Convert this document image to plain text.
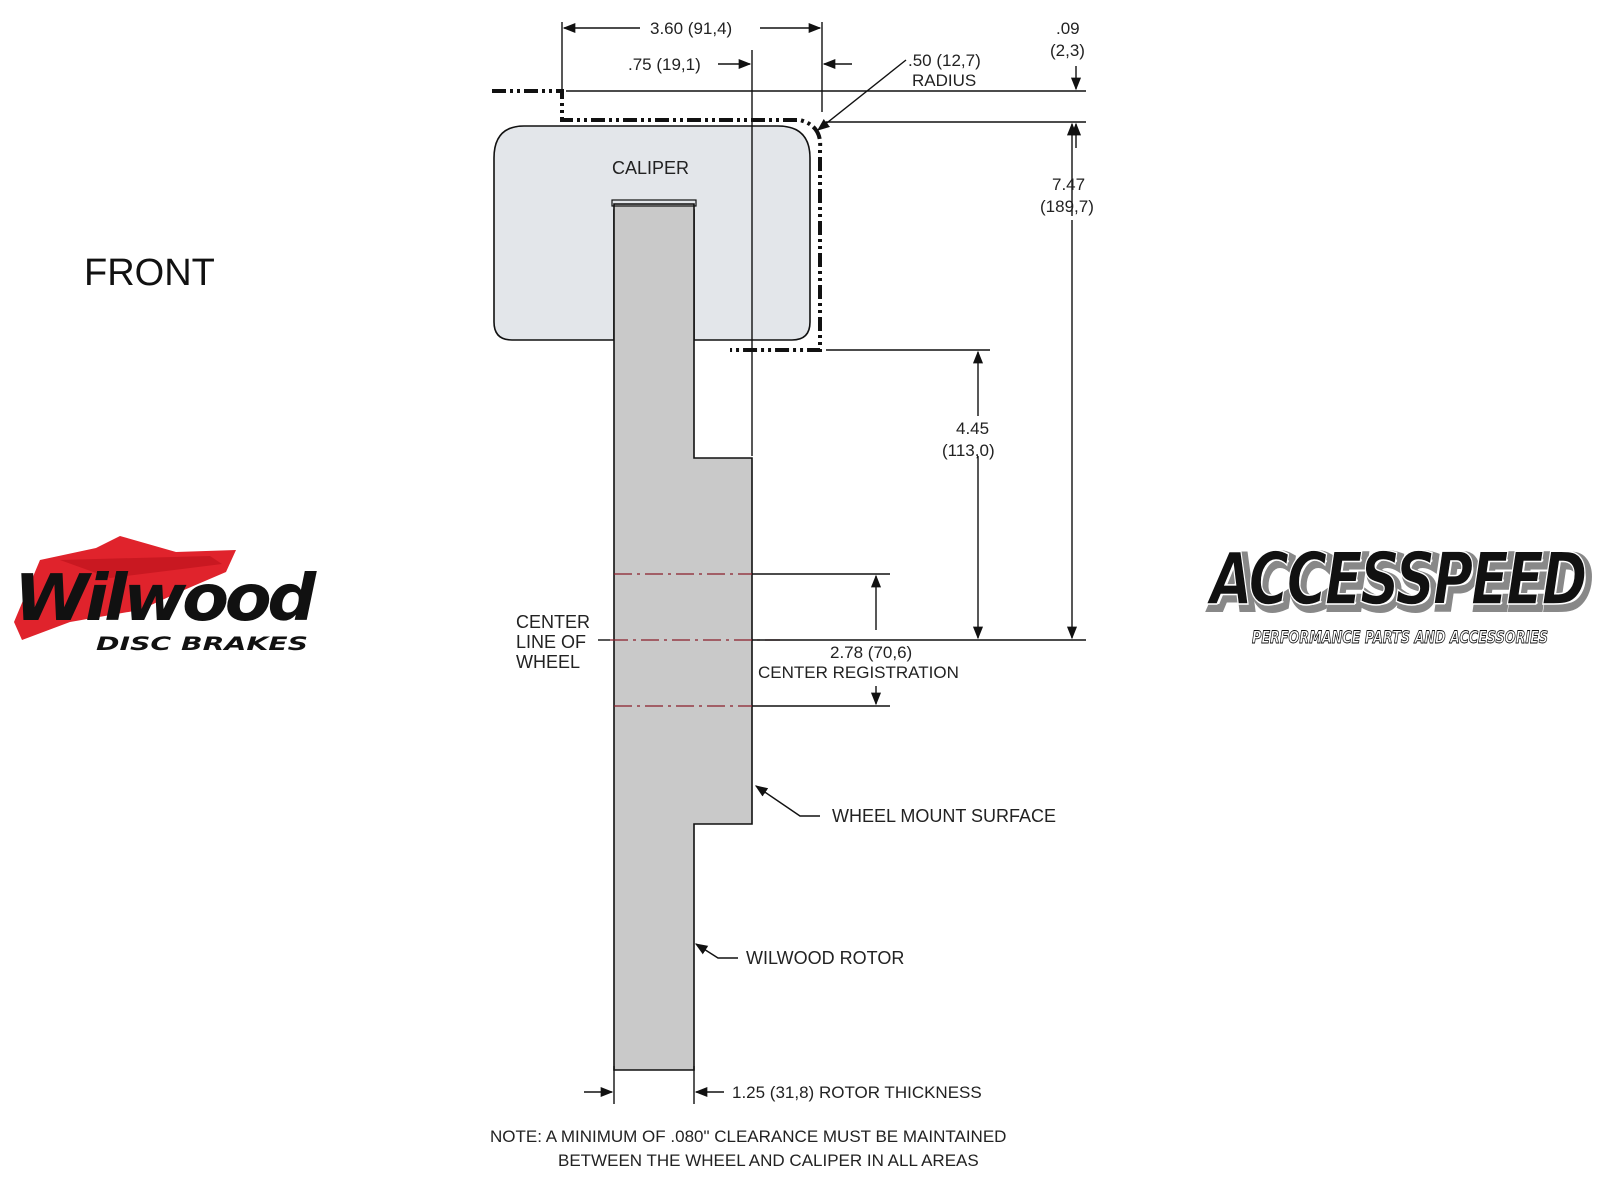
FRONT
Wilwood
DISC BRAKES
ACCESSPEED
ACCESSPEED
PERFORMANCE PARTS AND ACCESSORIES
CALIPER
3.60 (91,4)
.75 (19,1)	.50 (12,7)
RADIUS
.09
(2,3)
7.47
(189,7)
4.45
(113,0)
CENTER
LINE OF
WHEEL	2.78 (70,6)
CENTER REGISTRATION
WHEEL MOUNT SURFACE
WILWOOD ROTOR
1.25 (31,8) ROTOR THICKNESS
NOTE: A MINIMUM OF .080" CLEARANCE MUST BE MAINTAINED
BETWEEN THE WHEEL AND CALIPER IN ALL AREAS
